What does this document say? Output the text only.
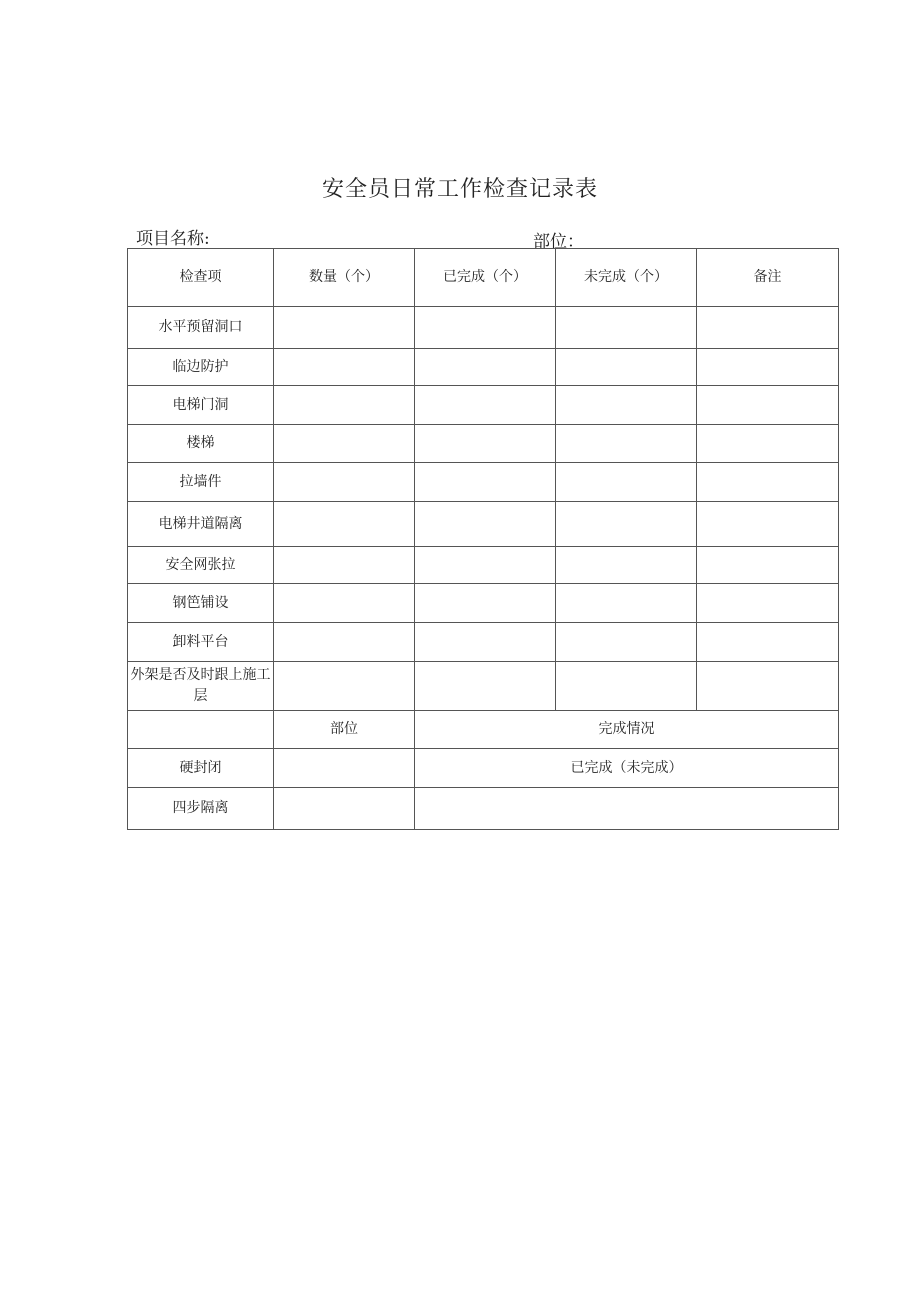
安全员日常工作检查记录表
项目名称:	部位：
检查项	数量（个）	已完成（个）	未完成（个）	备注
水平预留洞口				
临边防护				
电梯门洞				
楼梯				
拉墙件				
电梯井道隔离				
安全网张拉				
钢笆铺设				
卸料平台				
外架是否及时跟上施工层				
	部位	完成情况		
硬封闭		已完成（未完成）		
四步隔离				
